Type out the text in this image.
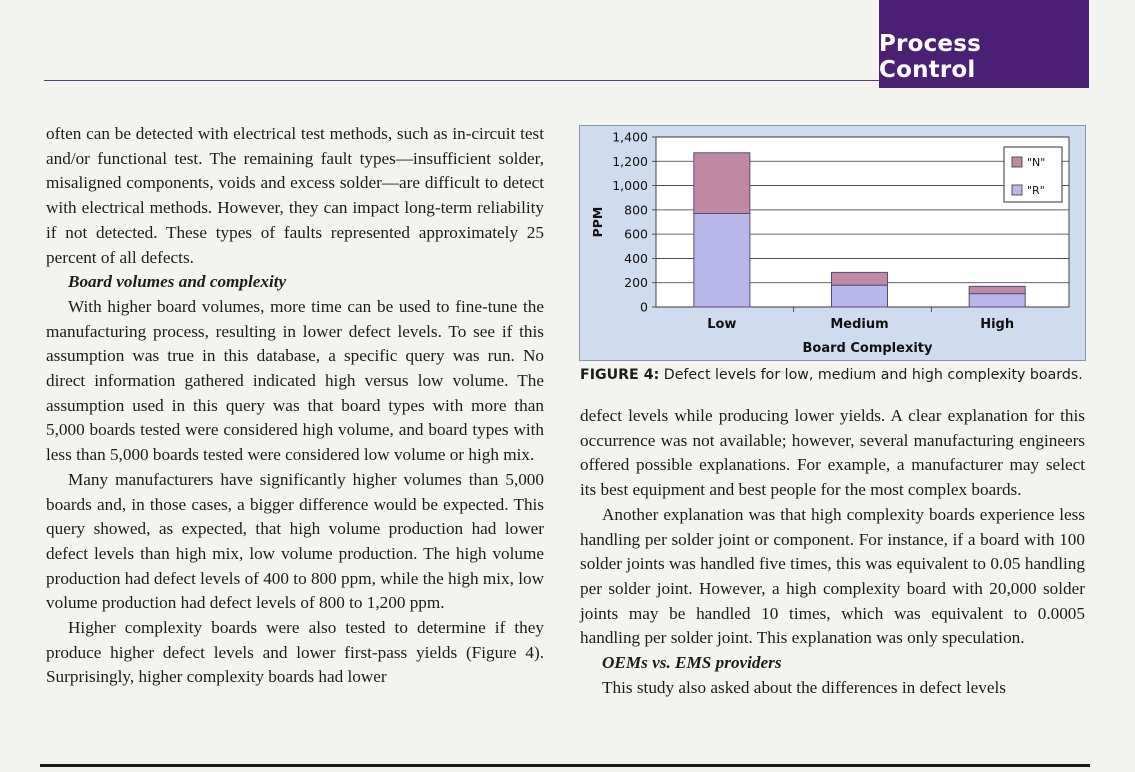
Process Control

often can be detected with electrical test methods, such as in-circuit test and/or functional test. The remaining fault types—insufficient solder, misaligned components, voids and excess solder—are difficult to detect with electrical methods. However, they can impact long-term reliability if not detected. These types of faults represented approximately 25 percent of all defects.

Board volumes and complexity

With higher board volumes, more time can be used to fine-tune the manufacturing process, resulting in lower defect levels. To see if this assumption was true in this database, a specific query was run. No direct information gathered indicated high versus low volume. The assumption used in this query was that board types with more than 5,000 boards tested were considered high volume, and board types with less than 5,000 boards tested were considered low volume or high mix.

Many manufacturers have significantly higher volumes than 5,000 boards and, in those cases, a bigger difference would be expected. This query showed, as expected, that high volume production had lower defect levels than high mix, low volume production. The high volume production had defect levels of 400 to 800 ppm, while the high mix, low volume production had defect levels of 800 to 1,200 ppm.

Higher complexity boards were also tested to determine if they produce higher defect levels and lower first-pass yields (Figure 4). Surprisingly, higher complexity boards had lower

0
200
400
600
800
1,000
1,200
1,400
PPM
Low	Medium	High
Board Complexity
"N"
"R"
FIGURE 4: Defect levels for low, medium and high complexity boards.

defect levels while producing lower yields. A clear explanation for this occurrence was not available; however, several manufacturing engineers offered possible explanations. For example, a manufacturer may select its best equipment and best people for the most complex boards.

Another explanation was that high complexity boards experience less handling per solder joint or component. For instance, if a board with 100 solder joints was handled five times, this was equivalent to 0.05 handling per solder joint. However, a high complexity board with 20,000 solder joints may be handled 10 times, which was equivalent to 0.0005 handling per solder joint. This explanation was only speculation.

OEMs vs. EMS providers

This study also asked about the differences in defect levels
